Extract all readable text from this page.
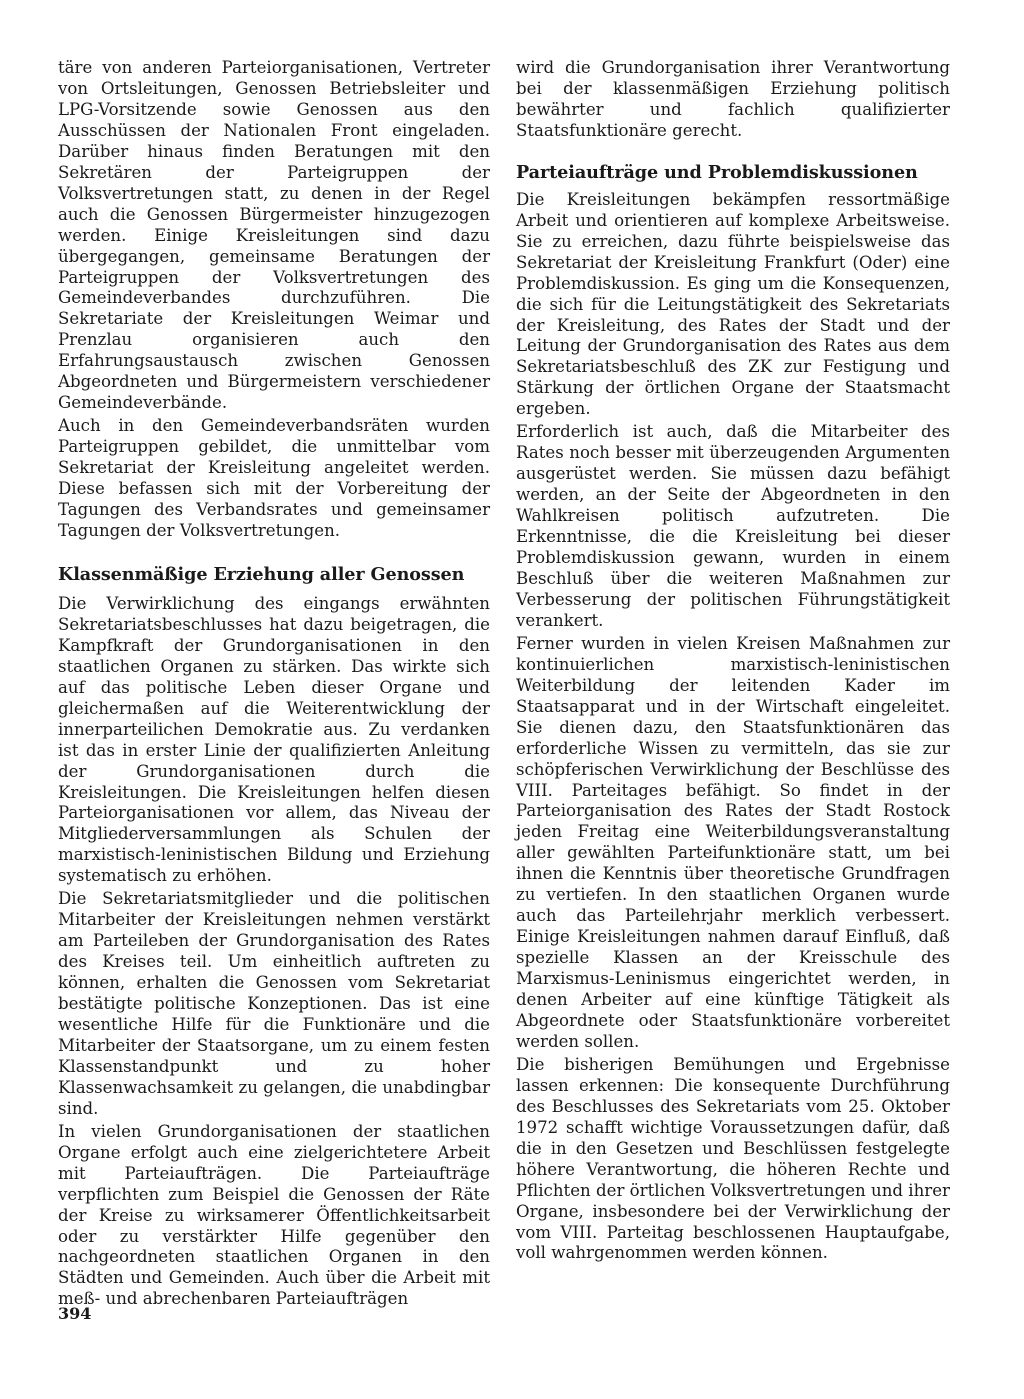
täre von anderen Parteiorganisationen, Vertreter von Ortsleitungen, Genossen Betriebsleiter und LPG-Vorsitzende sowie Genossen aus den Ausschüssen der Nationalen Front eingeladen. Darüber hinaus finden Beratungen mit den Sekretären der Parteigruppen der Volksvertretungen statt, zu denen in der Regel auch die Genossen Bürgermeister hinzugezogen werden. Einige Kreisleitungen sind dazu übergegangen, gemeinsame Beratungen der Parteigruppen der Volksvertretungen des Gemeindeverbandes durchzuführen. Die Sekretariate der Kreisleitungen Weimar und Prenzlau organisieren auch den Erfahrungsaustausch zwischen Genossen Abgeordneten und Bürgermeistern verschiedener Gemeindeverbände.

Auch in den Gemeindeverbandsräten wurden Parteigruppen gebildet, die unmittelbar vom Sekretariat der Kreisleitung angeleitet werden. Diese befassen sich mit der Vorbereitung der Tagungen des Verbandsrates und gemeinsamer Tagungen der Volksvertretungen.

Klassenmäßige Erziehung aller Genossen

Die Verwirklichung des eingangs erwähnten Sekretariatsbeschlusses hat dazu beigetragen, die Kampfkraft der Grundorganisationen in den staatlichen Organen zu stärken. Das wirkte sich auf das politische Leben dieser Organe und gleichermaßen auf die Weiterentwicklung der innerparteilichen Demokratie aus. Zu verdanken ist das in erster Linie der qualifizierten Anleitung der Grundorganisationen durch die Kreisleitungen. Die Kreisleitungen helfen diesen Parteiorganisationen vor allem, das Niveau der Mitgliederversammlungen als Schulen der marxistisch-leninistischen Bildung und Erziehung systematisch zu erhöhen.

Die Sekretariatsmitglieder und die politischen Mitarbeiter der Kreisleitungen nehmen verstärkt am Parteileben der Grundorganisation des Rates des Kreises teil. Um einheitlich auftreten zu können, erhalten die Genossen vom Sekretariat bestätigte politische Konzeptionen. Das ist eine wesentliche Hilfe für die Funktionäre und die Mitarbeiter der Staatsorgane, um zu einem festen Klassenstandpunkt und zu hoher Klassenwachsamkeit zu gelangen, die unabdingbar sind.

In vielen Grundorganisationen der staatlichen Organe erfolgt auch eine zielgerichtetere Arbeit mit Parteiaufträgen. Die Parteiaufträge verpflichten zum Beispiel die Genossen der Räte der Kreise zu wirksamerer Öffentlichkeitsarbeit oder zu verstärkter Hilfe gegenüber den nachgeordneten staatlichen Organen in den Städten und Gemeinden. Auch über die Arbeit mit meß- und abrechenbaren Parteiaufträgen

wird die Grundorganisation ihrer Verantwortung bei der klassenmäßigen Erziehung politisch bewährter und fachlich qualifizierter Staatsfunktionäre gerecht.

Parteiaufträge und Problemdiskussionen

Die Kreisleitungen bekämpfen ressortmäßige Arbeit und orientieren auf komplexe Arbeitsweise. Sie zu erreichen, dazu führte beispielsweise das Sekretariat der Kreisleitung Frankfurt (Oder) eine Problemdiskussion. Es ging um die Konsequenzen, die sich für die Leitungstätigkeit des Sekretariats der Kreisleitung, des Rates der Stadt und der Leitung der Grundorganisation des Rates aus dem Sekretariatsbeschluß des ZK zur Festigung und Stärkung der örtlichen Organe der Staatsmacht ergeben.

Erforderlich ist auch, daß die Mitarbeiter des Rates noch besser mit überzeugenden Argumenten ausgerüstet werden. Sie müssen dazu befähigt werden, an der Seite der Abgeordneten in den Wahlkreisen politisch aufzutreten. Die Erkenntnisse, die die Kreisleitung bei dieser Problemdiskussion gewann, wurden in einem Beschluß über die weiteren Maßnahmen zur Verbesserung der politischen Führungstätigkeit verankert.

Ferner wurden in vielen Kreisen Maßnahmen zur kontinuierlichen marxistisch-leninistischen Weiterbildung der leitenden Kader im Staatsapparat und in der Wirtschaft eingeleitet. Sie dienen dazu, den Staatsfunktionären das erforderliche Wissen zu vermitteln, das sie zur schöpferischen Verwirklichung der Beschlüsse des VIII. Parteitages befähigt. So findet in der Parteiorganisation des Rates der Stadt Rostock jeden Freitag eine Weiterbildungsveranstaltung aller gewählten Parteifunktionäre statt, um bei ihnen die Kenntnis über theoretische Grundfragen zu vertiefen. In den staatlichen Organen wurde auch das Parteilehrjahr merklich verbessert. Einige Kreisleitungen nahmen darauf Einfluß, daß spezielle Klassen an der Kreisschule des Marxismus-Leninismus eingerichtet werden, in denen Arbeiter auf eine künftige Tätigkeit als Abgeordnete oder Staatsfunktionäre vorbereitet werden sollen.

Die bisherigen Bemühungen und Ergebnisse lassen erkennen: Die konsequente Durchführung des Beschlusses des Sekretariats vom 25. Oktober 1972 schafft wichtige Voraussetzungen dafür, daß die in den Gesetzen und Beschlüssen festgelegte höhere Verantwortung, die höheren Rechte und Pflichten der örtlichen Volksvertretungen und ihrer Organe, insbesondere bei der Verwirklichung der vom VIII. Parteitag beschlossenen Hauptaufgabe, voll wahrgenommen werden können.

394
